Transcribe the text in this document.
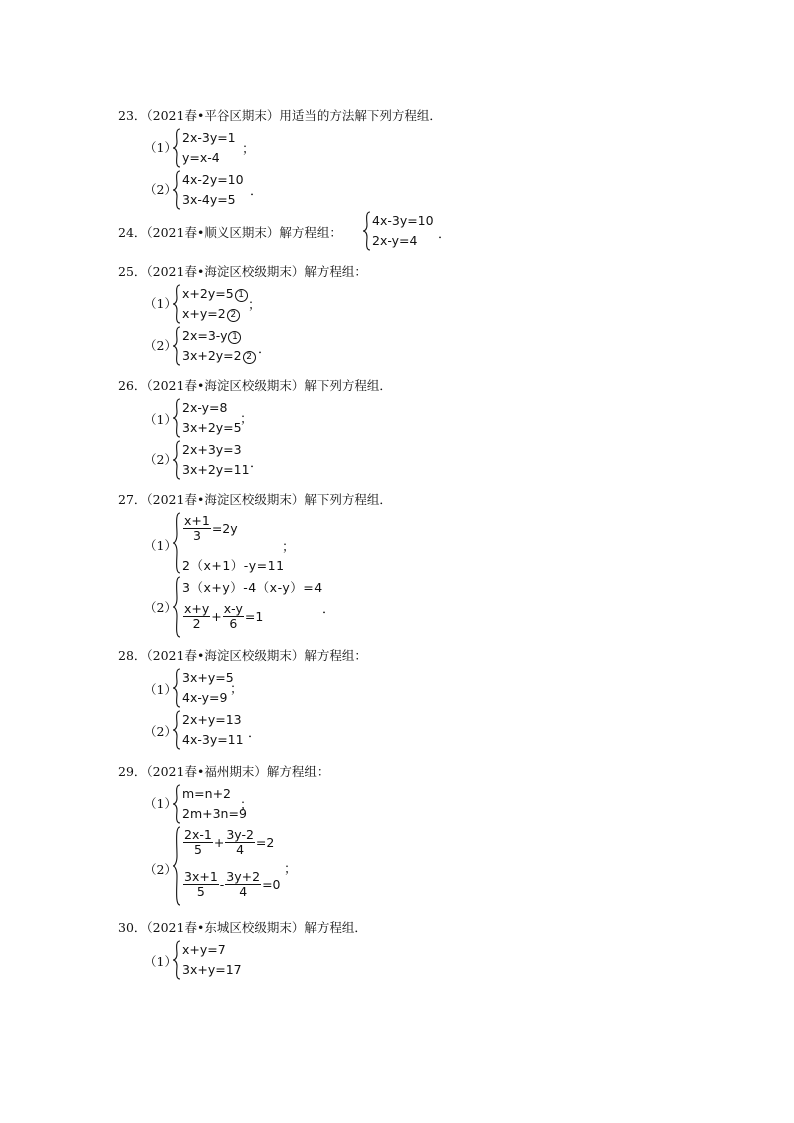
23．（2021春•平谷区期末）用适当的方法解下列方程组．
（1）
2x-3y=1
y=x-4
；
（2）
4x-2y=10
3x-4y=5
．
24．（2021春•顺义区期末）解方程组：
4x-3y=10
2x-y=4 ．
25．（2021春•海淀区校级期末）解方程组：
（1）
x+2y=5 1
x+y=2 2
；
（2）
2x=3-y 1
3x+2y=2 2 ．
26．（2021春•海淀区校级期末）解下列方程组．
（1）
2x-y=8
3x+2y=5
；
（2）
2x+3y=3
3x+2y=11 ．
27．（2021春•海淀区校级期末）解下列方程组．
（1）
$\frac{x+1}{3} =2y$
2（x+1）-y=11
；
（2）
3（x+y）-4（x-y）=4
$\frac{x+y}{2} + \frac{x-y}{6} =1$	．
28．（2021春•海淀区校级期末）解方程组：
（1）
3x+y=5
4x-y=9
；
（2）
2x+y=13
4x-3y=11 ．
29．（2021春•福州期末）解方程组：
（1）
m=n+2
2m+3n=9
；
（2）
$\frac{2x-1}{5} + \frac{3y-2}{4} =2$
$\frac{3x+1}{5} - \frac{3y+2}{4} =0$
；
30．（2021春•东城区校级期末）解方程组．
（1）
x+y=7
3x+y=17
